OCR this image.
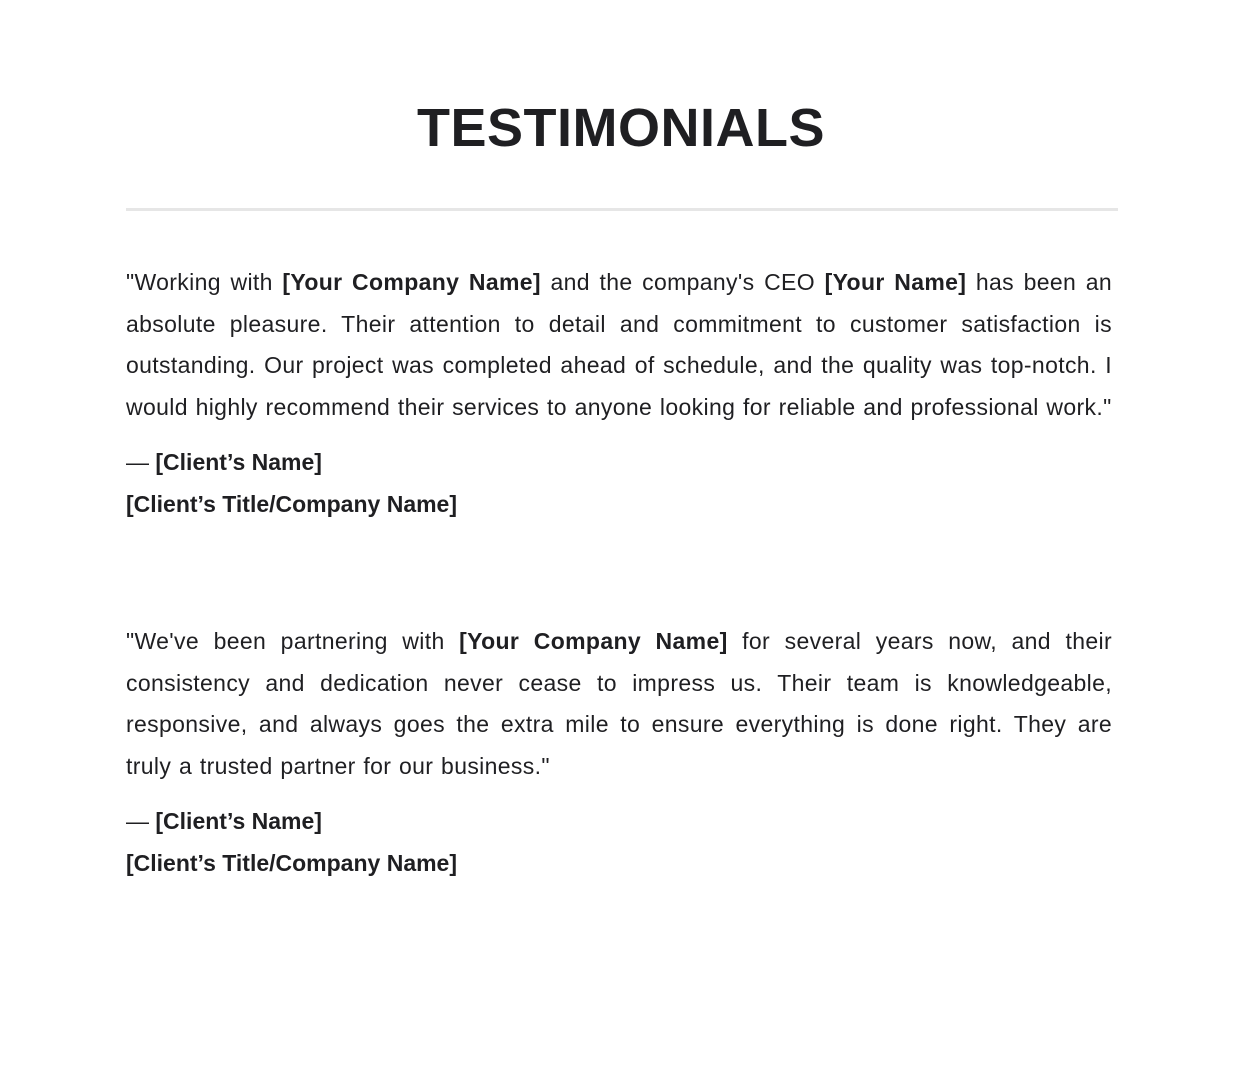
TESTIMONIALS

"Working with [Your Company Name] and the company's CEO [Your Name] has been an absolute pleasure. Their attention to detail and commitment to customer satisfaction is outstanding. Our project was completed ahead of schedule, and the quality was top-notch. I would highly recommend their services to anyone looking for reliable and professional work."

— [Client’s Name]
[Client’s Title/Company Name]

"We've been partnering with [Your Company Name] for several years now, and their consistency and dedication never cease to impress us. Their team is knowledgeable, responsive, and always goes the extra mile to ensure everything is done right. They are truly a trusted partner for our business."

— [Client’s Name]
[Client’s Title/Company Name]
